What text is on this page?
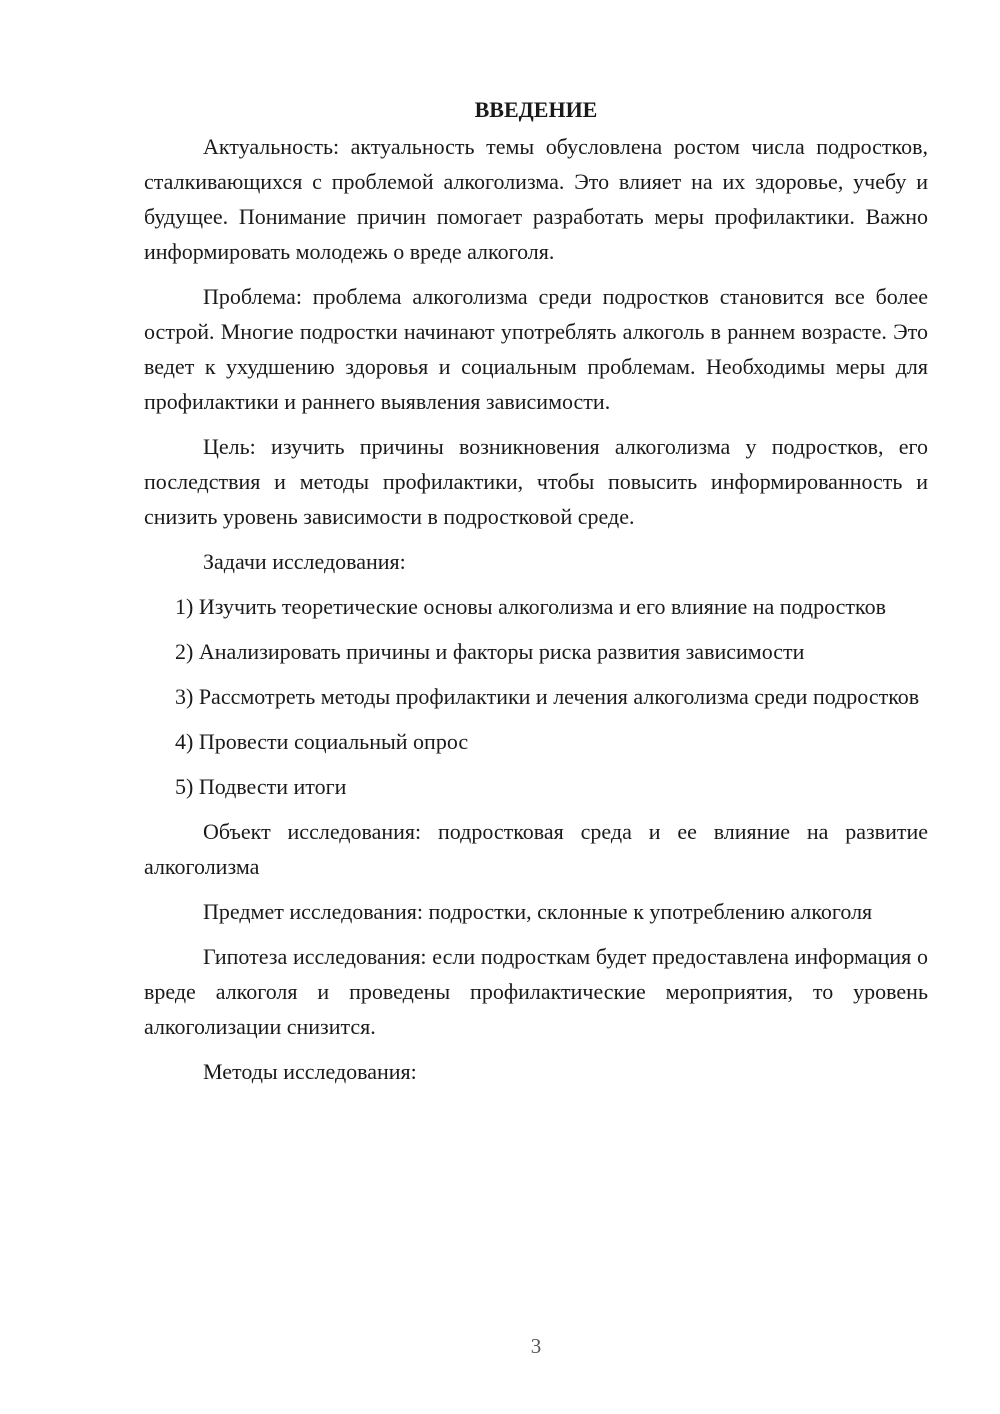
ВВЕДЕНИЕ

Актуальность: актуальность темы обусловлена ростом числа подростков, сталкивающихся с проблемой алкоголизма. Это влияет на их здоровье, учебу и будущее. Понимание причин помогает разработать меры профилактики. Важно информировать молодежь о вреде алкоголя.

Проблема: проблема алкоголизма среди подростков становится все более острой. Многие подростки начинают употреблять алкоголь в раннем возрасте. Это ведет к ухудшению здоровья и социальным проблемам. Необходимы меры для профилактики и раннего выявления зависимости.

Цель: изучить причины возникновения алкоголизма у подростков, его последствия и методы профилактики, чтобы повысить информированность и снизить уровень зависимости в подростковой среде.

Задачи исследования:

1) Изучить теоретические основы алкоголизма и его влияние на подростков

2) Анализировать причины и факторы риска развития зависимости

3) Рассмотреть методы профилактики и лечения алкоголизма среди подростков

4) Провести социальный опрос

5) Подвести итоги

Объект исследования: подростковая среда и ее влияние на развитие алкоголизма

Предмет исследования: подростки, склонные к употреблению алкоголя

Гипотеза исследования: если подросткам будет предоставлена информация о вреде алкоголя и проведены профилактические мероприятия, то уровень алкоголизации снизится.

Методы исследования:

3
